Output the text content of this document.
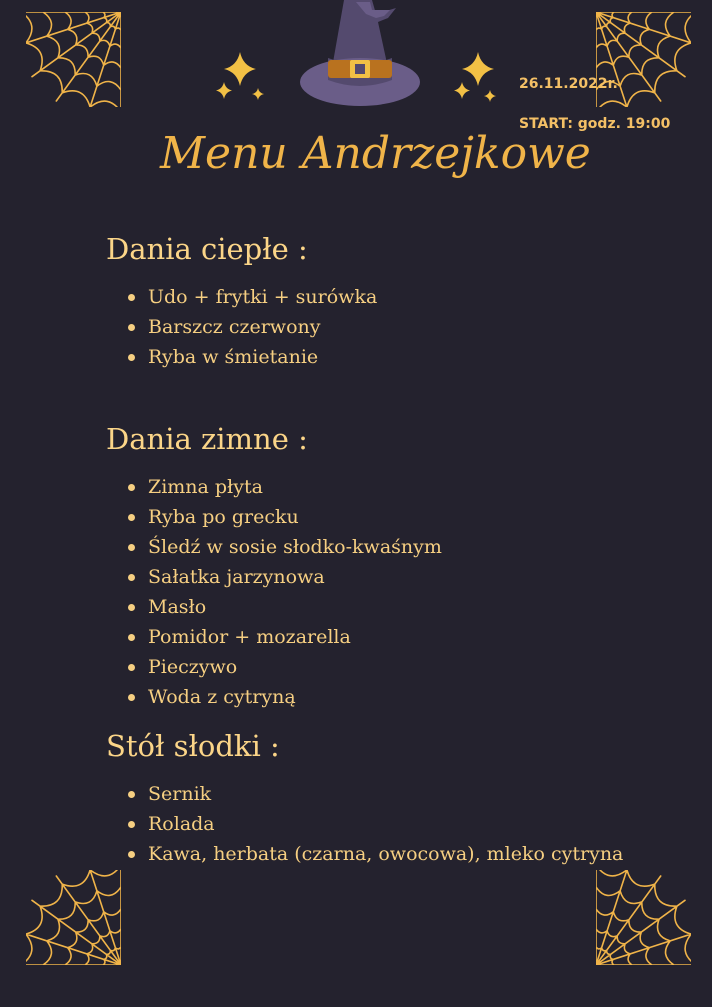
26.11.2022r.
START: godz. 19:00
Menu Andrzejkowe
Dania ciepłe :
Udo + frytki + surówka
Barszcz czerwony
Ryba w śmietanie
Dania zimne :
Zimna płyta
Ryba po grecku
Śledź w sosie słodko-kwaśnym
Sałatka jarzynowa
Masło
Pomidor + mozarella
Pieczywo
Woda z cytryną
Stół słodki :
Sernik
Rolada
Kawa, herbata (czarna, owocowa), mleko cytryna
